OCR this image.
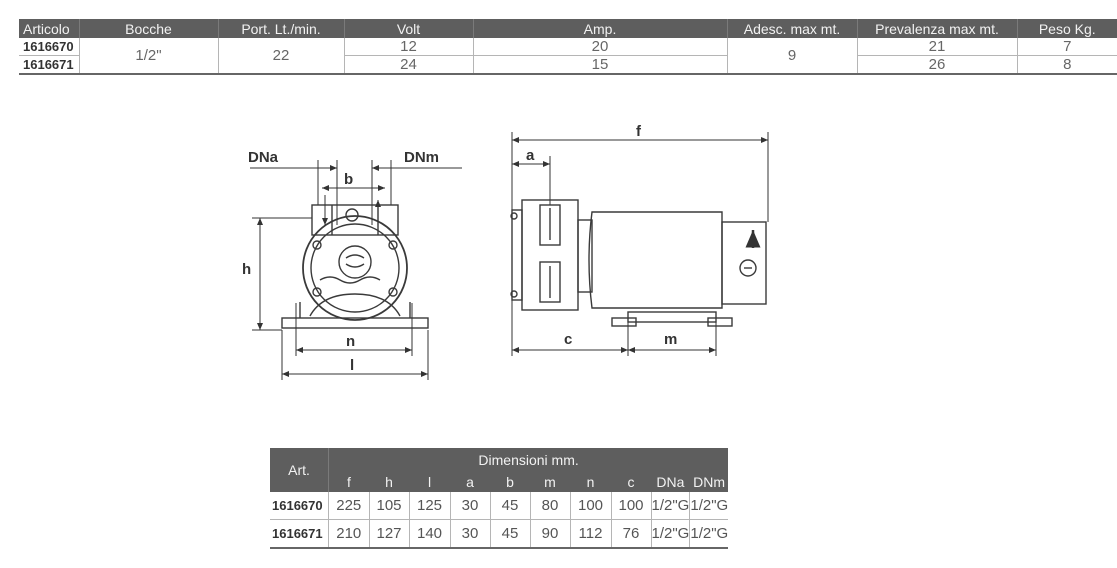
Articolo	Bocche	Port. Lt./min.	Volt	Amp.	Adesc. max mt.	Prevalenza max mt.	Peso Kg.
1616670	1/2"	22	12	20	9	21	7
1616671			24	15		26	8
DNa	DNm
b
h
n
l
f
a
c	m
Art.	Dimensioni mm.									
	f	h	l	a	b	m	n	c	DNa	DNm
1616670	225	105	125	30	45	80	100	100	1/2"G	1/2"G
1616671	210	127	140	30	45	90	112	76	1/2"G	1/2"G
